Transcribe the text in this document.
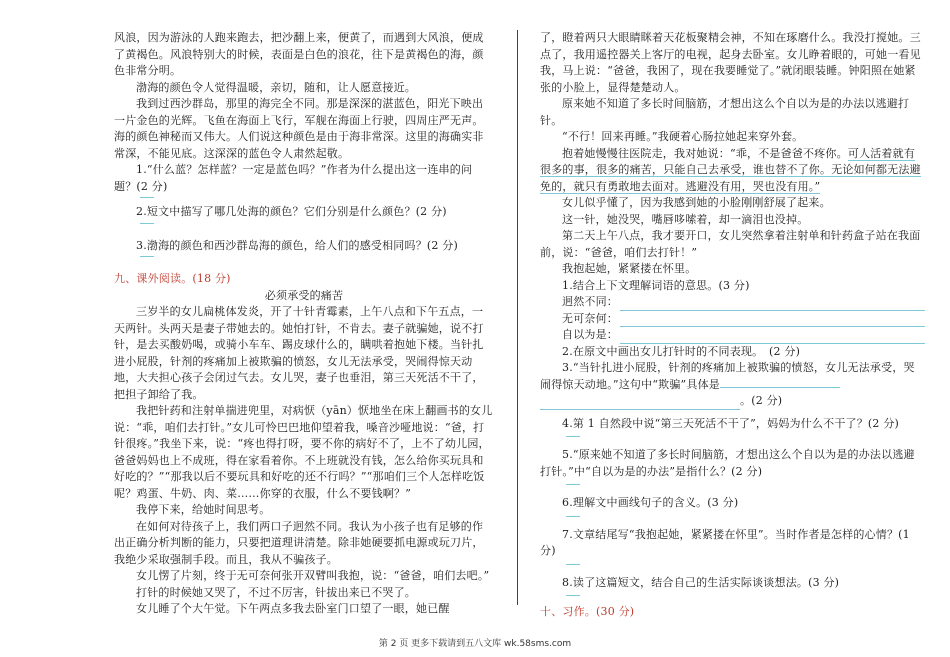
风浪，因为游泳的人跑来跑去，把沙翻上来，便黄了，而遇到大风浪，便成了黄褐色。风浪特别大的时候，表面是白色的浪花，往下是黄褐色的海，颜色非常分明。

渤海的颜色令人觉得温暖，亲切，随和，让人愿意接近。

我到过西沙群岛，那里的海完全不同。那是深深的湛蓝色，阳光下映出一片金色的光辉。飞鱼在海面上飞行，军舰在海面上行驶，四周庄严无声。海的颜色神秘而又伟大。人们说这种颜色是由于海非常深。这里的海确实非常深，不能见底。这深深的蓝色令人肃然起敬。

1.“什么蓝？怎样蓝？一定是蓝色吗？”作者为什么提出这一连串的问题？(2 分)

2.短文中描写了哪几处海的颜色？它们分别是什么颜色？(2 分)

3.渤海的颜色和西沙群岛海的颜色，给人们的感受相同吗？(2 分)

九、课外阅读。(18 分)

必须承受的痛苦

三岁半的女儿扁桃体发炎，开了十针青霉素，上午八点和下午五点，一天两针。头两天是妻子带她去的。她怕打针，不肯去。妻子就骗她，说不打针，是去买酸奶喝，或骑小车车、踢皮球什么的，瞒哄着抱她下楼。当针扎进小屁股，针剂的疼痛加上被欺骗的愤怒，女儿无法承受，哭闹得惊天动地，大夫担心孩子会闭过气去。女儿哭，妻子也垂泪，第三天死活不干了，把担子卸给了我。

我把针药和注射单揣进兜里，对病恹（yān）恹地坐在床上翻画书的女儿说：“乖，咱们去打针。”女儿可怜巴巴地仰望着我，嗓音沙哑地说：“爸，打针很疼。”我坐下来，说：“疼也得打呀，要不你的病好不了，上不了幼儿园，爸爸妈妈也上不成班，得在家看着你。不上班就没有钱，怎么给你买玩具和好吃的？”“那我以后不要玩具和好吃的还不行吗？”“那咱们三个人怎样吃饭呢？鸡蛋、牛奶、肉、菜……你穿的衣服，什么不要钱啊？”

我停下来，给她时间思考。

在如何对待孩子上，我们两口子迥然不同。我认为小孩子也有足够的作出正确分析判断的能力，只要把道理讲清楚。除非她硬要抓电源或玩刀片，我绝少采取强制手段。而且，我从不骗孩子。

女儿愣了片刻，终于无可奈何张开双臂叫我抱，说：“爸爸，咱们去吧。”

打针的时候她又哭了，不过不厉害，针拔出来已不哭了。

女儿睡了个大午觉。下午两点多我去卧室门口望了一眼，她已醒

了，瞪着两只大眼睛眯着天花板聚精会神，不知在琢磨什么。我没打搅她。三点了，我用遥控器关上客厅的电视，起身去卧室。女儿睁着眼的，可她一看见我，马上说：“爸爸，我困了，现在我要睡觉了。”就闭眼装睡。钟阳照在她紧张的小脸上，显得楚楚动人。

原来她不知道了多长时间脑筋，才想出这么个自以为是的办法以逃避打针。

“不行！回来再睡。”我硬着心肠拉她起来穿外套。

抱着她慢慢往医院走，我对她说：“乖，不是爸爸不疼你。可人活着就有很多的事，很多的痛苦，只能自己去承受，谁也替不了你。无论如何都无法避免的，就只有勇敢地去面对。逃避没有用，哭也没有用。”

女儿似乎懂了，因为我感到她的小脸刚刚舒展了起来。

这一针，她没哭，嘴唇哆嗦着，却一滴泪也没掉。

第二天上午八点，我才要开口，女儿突然拿着注射单和针药盒子站在我面前，说：“爸爸，咱们去打针！”

我抱起她，紧紧搂在怀里。

1.结合上下文理解词语的意思。(3 分)

迥然不同：
无可奈何：
自以为是：

2.在原文中画出女儿打针时的不同表现。　(2 分)

3.“当针扎进小屁股，针剂的疼痛加上被欺骗的愤怒，女儿无法承受，哭闹得惊天动地。”这句中“欺骗”具体是

。(2 分)

4.第 1 自然段中说“第三天死活不干了”，妈妈为什么不干了？(2 分)

5.“原来她不知道了多长时间脑筋，才想出这么个自以为是的办法以逃避打针。”中“自以为是的办法”是指什么？(2 分)

6.理解文中画线句子的含义。(3 分)

7.文章结尾写“我抱起她，紧紧搂在怀里”。当时作者是怎样的心情？(1 分)

8.读了这篇短文，结合自己的生活实际谈谈想法。(3 分)

十、习作。(30 分)

第 2 页 更多下载请到五八文库 wk.58sms.com
